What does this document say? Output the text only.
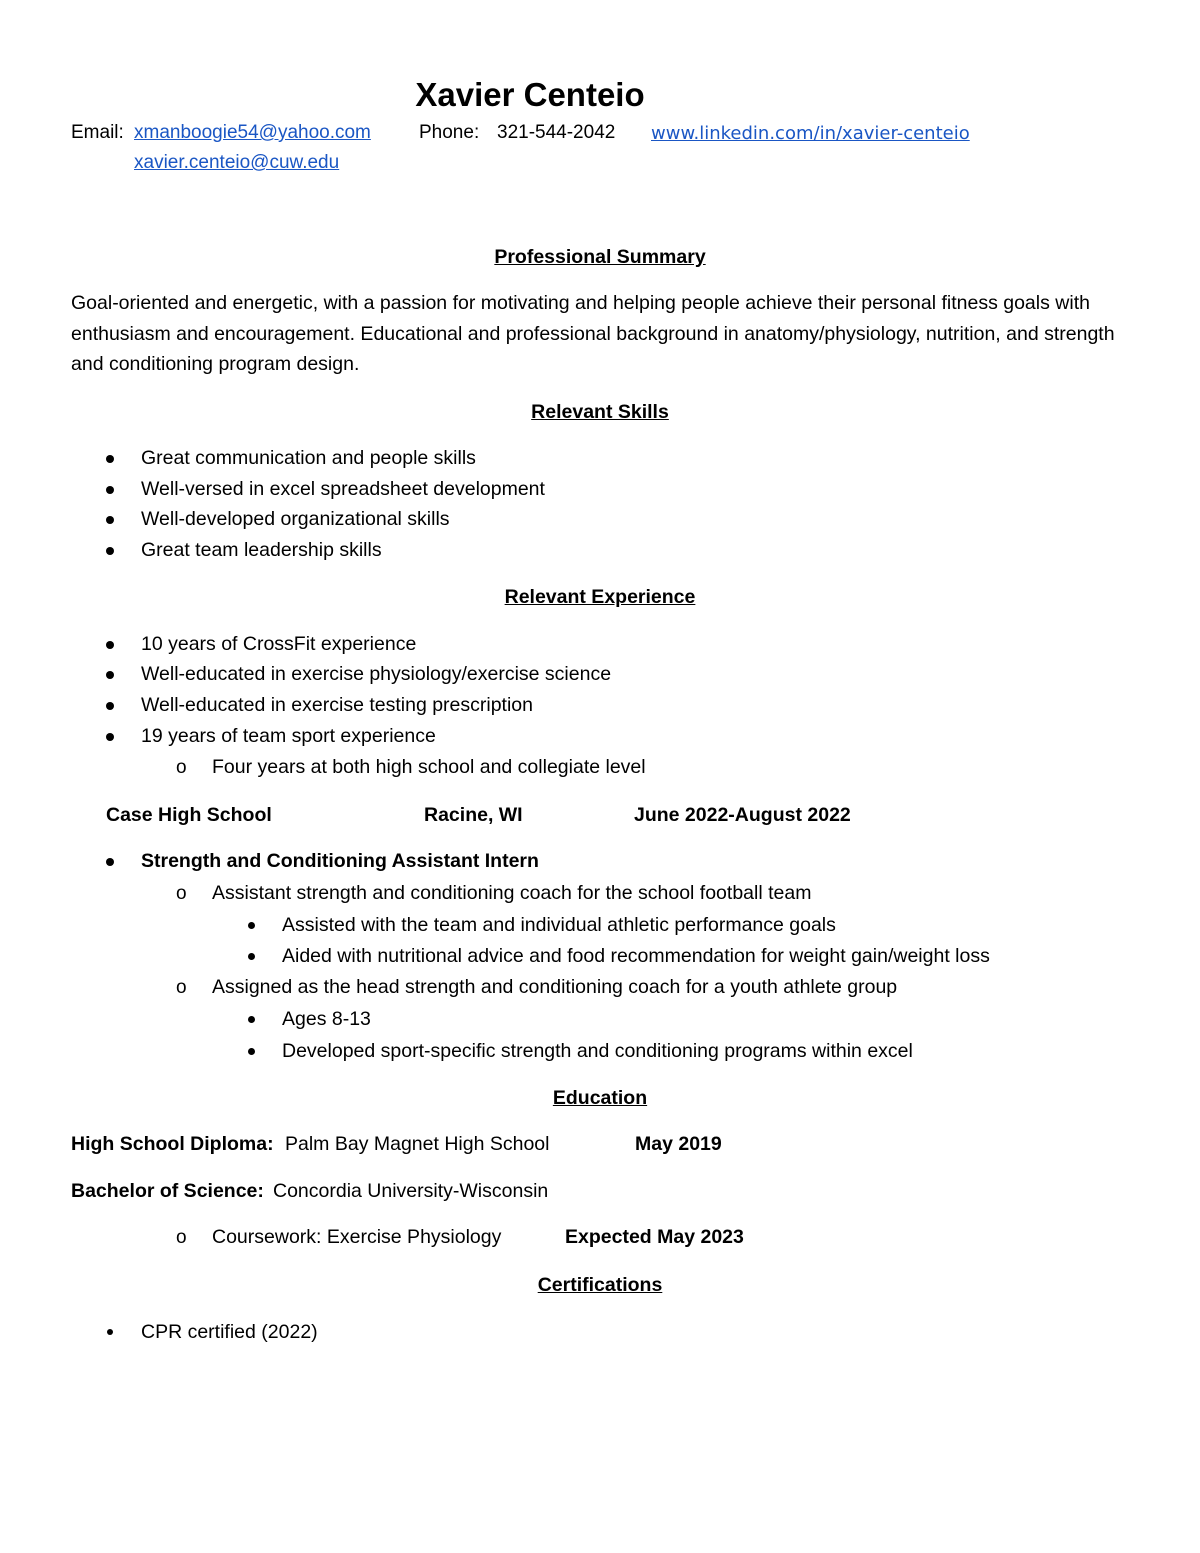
Xavier Centeio
Email: xmanboogie54@yahoo.com	Phone: 321-544-2042 www.linkedin.com/in/xavier-centeio
xavier.centeio@cuw.edu
Professional Summary
Goal-oriented and energetic, with a passion for motivating and helping people achieve their personal fitness goals with enthusiasm and encouragement. Educational and professional background in anatomy/physiology, nutrition, and strength and conditioning program design.
Relevant Skills
Great communication and people skills
Well-versed in excel spreadsheet development
Well-developed organizational skills
Great team leadership skills
Relevant Experience
10 years of CrossFit experience
Well-educated in exercise physiology/exercise science
Well-educated in exercise testing prescription
19 years of team sport experience
o Four years at both high school and collegiate level
Case High School	Racine, WI	June 2022-August 2022
Strength and Conditioning Assistant Intern
o Assistant strength and conditioning coach for the school football team
Assisted with the team and individual athletic performance goals
Aided with nutritional advice and food recommendation for weight gain/weight loss
o Assigned as the head strength and conditioning coach for a youth athlete group
Ages 8-13
Developed sport-specific strength and conditioning programs within excel
Education
High School Diploma: Palm Bay Magnet High School	May 2019
Bachelor of Science: Concordia University-Wisconsin
o Coursework: Exercise Physiology	Expected May 2023
Certifications
CPR certified (2022)
